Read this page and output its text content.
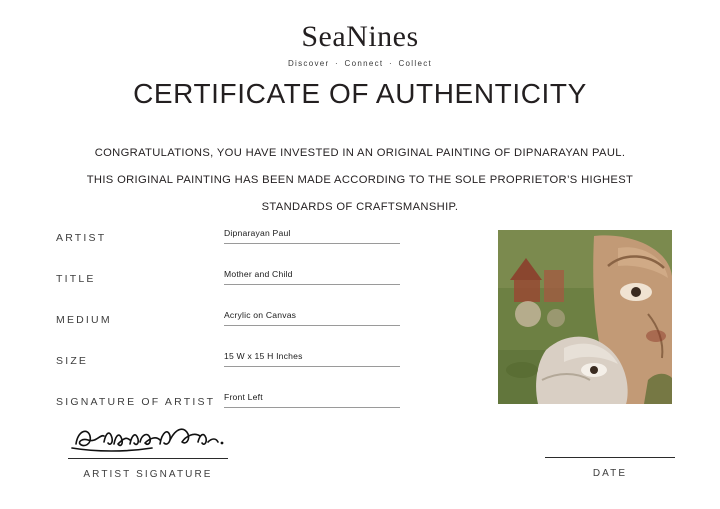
SeaNines
Discover · Connect · Collect
CERTIFICATE OF AUTHENTICITY
CONGRATULATIONS, YOU HAVE INVESTED IN AN ORIGINAL PAINTING OF DIPNARAYAN PAUL.
THIS ORIGINAL PAINTING HAS BEEN MADE ACCORDING TO THE SOLE PROPRIETOR’S HIGHEST
STANDARDS OF CRAFTSMANSHIP.
ARTIST	Dipnarayan Paul
TITLE	Mother and Child
MEDIUM	Acrylic on Canvas
SIZE	15 W x 15 H Inches
SIGNATURE OF ARTIST Front Left
ARTIST SIGNATURE	DATE
